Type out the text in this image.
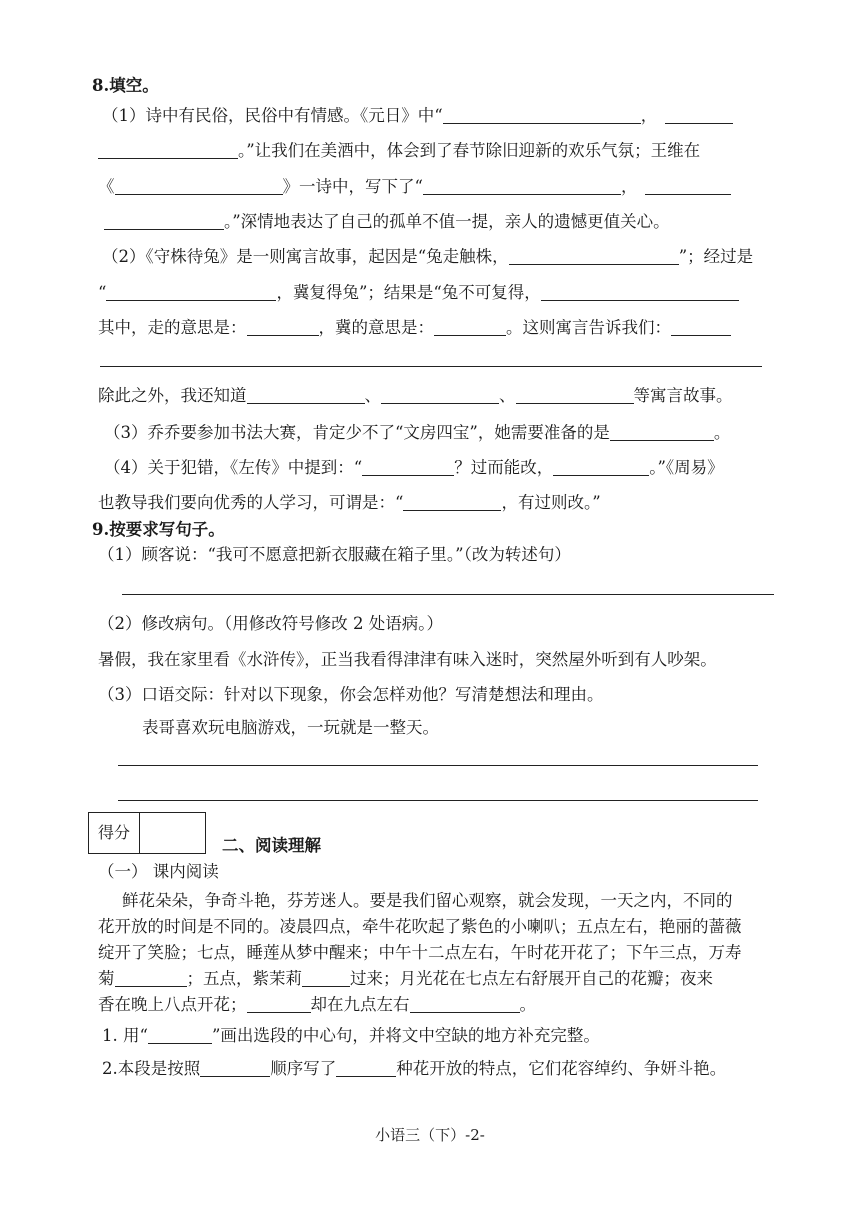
8.填空。
（1）诗中有民俗，民俗中有情感。《元日》中“	，
。”让我们在美酒中，体会到了春节除旧迎新的欢乐气氛；王维在
《	》一诗中，写下了“	，
。”深情地表达了自己的孤单不值一提，亲人的遗憾更值关心。
（2）《守株待兔》是一则寓言故事，起因是“兔走触株，	”；经过是
“	，冀复得兔”；结果是“兔不可复得，
其中，走的意思是：	，冀的意思是：	。这则寓言告诉我们：
除此之外，我还知道	、	、	等寓言故事。
（3）乔乔要参加书法大赛，肯定少不了“文房四宝”，她需要准备的是	。
（4）关于犯错，《左传》中提到：“	？过而能改，	。”《周易》
也教导我们要向优秀的人学习，可谓是：“	，有过则改。”
9.按要求写句子。
（1）顾客说：“我可不愿意把新衣服藏在箱子里。”（改为转述句）
（2）修改病句。（用修改符号修改 2 处语病。）
暑假，我在家里看《水浒传》，正当我看得津津有味入迷时，突然屋外听到有人吵架。
（3）口语交际：针对以下现象，你会怎样劝他？写清楚想法和理由。
表哥喜欢玩电脑游戏，一玩就是一整天。
得分
二、阅读理解
（一） 课内阅读
鲜花朵朵，争奇斗艳，芬芳迷人。要是我们留心观察，就会发现，一天之内，不同的
花开放的时间是不同的。凌晨四点，牵牛花吹起了紫色的小喇叭；五点左右，艳丽的蔷薇
绽开了笑脸；七点，睡莲从梦中醒来；中午十二点左右，午时花开花了；下午三点，万寿
菊	；五点，紫茉莉	过来；月光花在七点左右舒展开自己的花瓣；夜来
香在晚上八点开花；	却在九点左右	。
1. 用“	”画出选段的中心句，并将文中空缺的地方补充完整。
2.本段是按照	顺序写了	种花开放的特点，它们花容绰约、争妍斗艳。
小语三（下）-2-
